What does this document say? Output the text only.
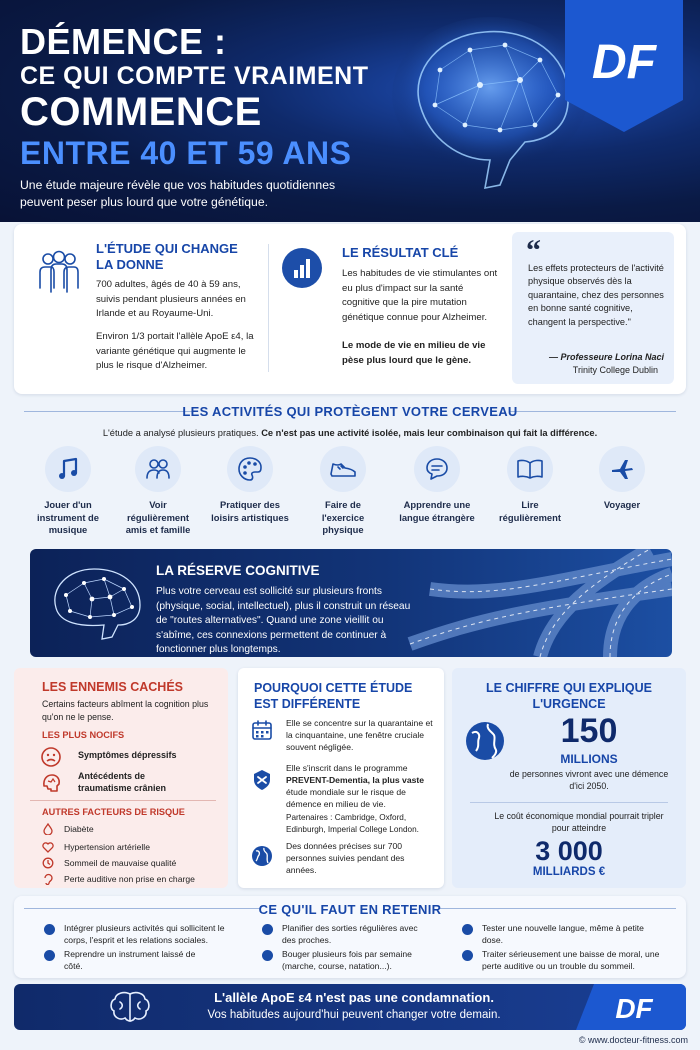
DÉMENCE :
CE QUI COMPTE VRAIMENT
COMMENCE
ENTRE 40 ET 59 ANS
Une étude majeure révèle que vos habitudes quotidiennes peuvent peser plus lourd que votre génétique.
DF
L'ÉTUDE QUI CHANGE LA DONNE
700 adultes, âgés de 40 à 59 ans, suivis pendant plusieurs années en Irlande et au Royaume-Uni.
Environ 1/3 portait l'allèle ApoE ε4, la variante génétique qui augmente le plus le risque d'Alzheimer.
LE RÉSULTAT CLÉ
Les habitudes de vie stimulantes ont eu plus d'impact sur la santé cognitive que la pire mutation génétique connue pour Alzheimer.
Le mode de vie en milieu de vie pèse plus lourd que le gène.
“
Les effets protecteurs de l'activité physique observés dès la quarantaine, chez des personnes en bonne santé cognitive, changent la perspective."
— Professeure Lorina Naci
Trinity College Dublin
LES ACTIVITÉS QUI PROTÈGENT VOTRE CERVEAU
L'étude a analysé plusieurs pratiques. Ce n'est pas une activité isolée, mais leur combinaison qui fait la différence.
Jouer d'un instrument de musique
Voir régulièrement amis et famille
Pratiquer des loisirs artistiques
Faire de l'exercice physique
Apprendre une langue étrangère
Lire régulièrement
Voyager
LA RÉSERVE COGNITIVE
Plus votre cerveau est sollicité sur plusieurs fronts (physique, social, intellectuel), plus il construit un réseau de "routes alternatives". Quand une zone vieillit ou s'abîme, ces connexions permettent de continuer à fonctionner plus longtemps.
LES ENNEMIS CACHÉS
Certains facteurs abîment la cognition plus qu'on ne le pense.
LES PLUS NOCIFS
Symptômes dépressifs
Antécédents de traumatisme crânien
AUTRES FACTEURS DE RISQUE
Diabète
Hypertension artérielle
Sommeil de mauvaise qualité
Perte auditive non prise en charge
POURQUOI CETTE ÉTUDE EST DIFFÉRENTE
Elle se concentre sur la quarantaine et la cinquantaine, une fenêtre cruciale souvent négligée.
Elle s'inscrit dans le programme PREVENT-Dementia, la plus vaste étude mondiale sur le risque de démence en milieu de vie.
Partenaires : Cambridge, Oxford, Edinburgh, Imperial College London.
Des données précises sur 700 personnes suivies pendant des années.
LE CHIFFRE QUI EXPLIQUE L'URGENCE
150
MILLIONS
de personnes vivront avec une démence d'ici 2050.
Le coût économique mondial pourrait tripler pour atteindre
3 000
MILLIARDS €
CE QU'IL FAUT EN RETENIR
Intégrer plusieurs activités qui sollicitent le corps, l'esprit et les relations sociales.
Reprendre un instrument laissé de côté.
Planifier des sorties régulières avec des proches.
Bouger plusieurs fois par semaine (marche, course, natation...).
Tester une nouvelle langue, même à petite dose.
Traiter sérieusement une baisse de moral, une perte auditive ou un trouble du sommeil.
L'allèle ApoE ε4 n'est pas une condamnation.
Vos habitudes aujourd'hui peuvent changer votre demain.	DF
© www.docteur-fitness.com
